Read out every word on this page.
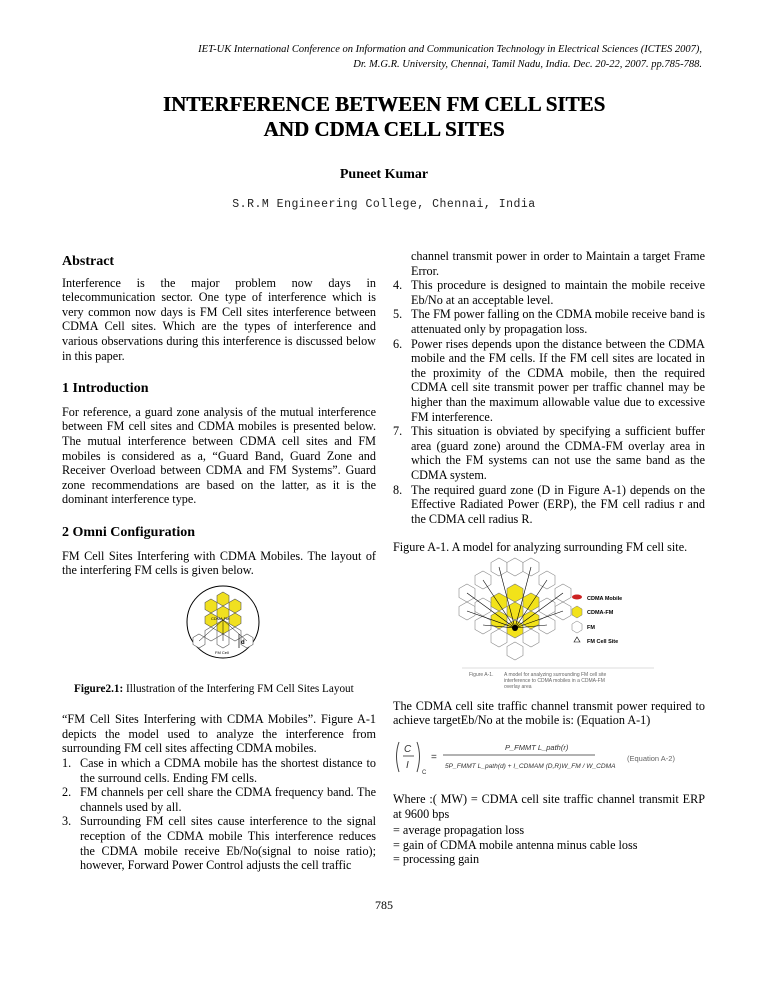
IET-UK International Conference on Information and Communication Technology in Electrical Sciences (ICTES 2007),
Dr. M.G.R. University, Chennai, Tamil Nadu, India. Dec. 20-22, 2007. pp.785-788.
INTERFERENCE BETWEEN FM CELL SITES
AND CDMA CELL SITES
Puneet Kumar
S.R.M Engineering College, Chennai, India
Abstract

Interference is the major problem now days in telecommunication sector. One type of interference which is very common now days is FM Cell sites interference between CDMA Cell sites. Which are the types of interference and various observations during this interference is discussed below in this paper.

1 Introduction

For reference, a guard zone analysis of the mutual interference between FM cell sites and CDMA mobiles is presented below. The mutual interference between CDMA cell sites and FM mobiles is considered as a, “Guard Band, Guard Zone and Receiver Overload between CDMA and FM Systems”. Guard zone recommendations are based on the latter, as it is the dominant interference type.

2 Omni Configuration

FM Cell Sites Interfering with CDMA Mobiles. The layout of the interfering FM cells is given below.

Figure2.1: Illustration of the Interfering FM Cell Sites Layout

“FM Cell Sites Interfering with CDMA Mobiles”. Figure A-1 depicts the model used to analyze the interference from surrounding FM cell sites affecting CDMA mobiles.

1. Case in which a CDMA mobile has the shortest distance to the surround cells. Ending FM cells.
2. FM channels per cell share the CDMA frequency band. The channels used by all.
3. Surrounding FM cell sites cause interference to the signal reception of the CDMA mobile This interference reduces the CDMA mobile receive Eb/No(signal to noise ratio); however, Forward Power Control adjusts the cell traffic
CDMA FM
FM Cell
d

channel transmit power in order to Maintain a target Frame Error.

4. This procedure is designed to maintain the mobile receive Eb/No at an acceptable level.
5. The FM power falling on the CDMA mobile receive band is attenuated only by propagation loss.
6. Power rises depends upon the distance between the CDMA mobile and the FM cells. If the FM cell sites are located in the proximity of the CDMA mobile, then the required CDMA cell site transmit power per traffic channel may be higher than the maximum allowable value due to excessive FM interference.
7. This situation is obviated by specifying a sufficient buffer area (guard zone) around the CDMA-FM overlay area in which the FM systems can not use the same band as the CDMA system.
8. The required guard zone (D in Figure A-1) depends on the Effective Radiated Power (ERP), the FM cell radius r and the CDMA cell radius R.

Figure A-1. A model for analyzing surrounding FM cell site.

The CDMA cell site traffic channel transmit power required to achieve targetEb/No at the mobile is: (Equation A-1)

C
I
C
=
P_FMMT L_path(r)
5P_FMMT L_path(d) + I_CDMAM (D,R)W_FM / W_CDMA
(Equation A-2)

Where :( MW) = CDMA cell site traffic channel transmit ERP at 9600 bps

= average propagation loss
= gain of CDMA mobile antenna minus cable loss
= processing gain
CDMA Mobile
CDMA-FM
FM
FM Cell Site
Figure A-1. A model for analyzing surrounding FM cell site
interference to CDMA mobiles in a CDMA-FM
overlay area
785
